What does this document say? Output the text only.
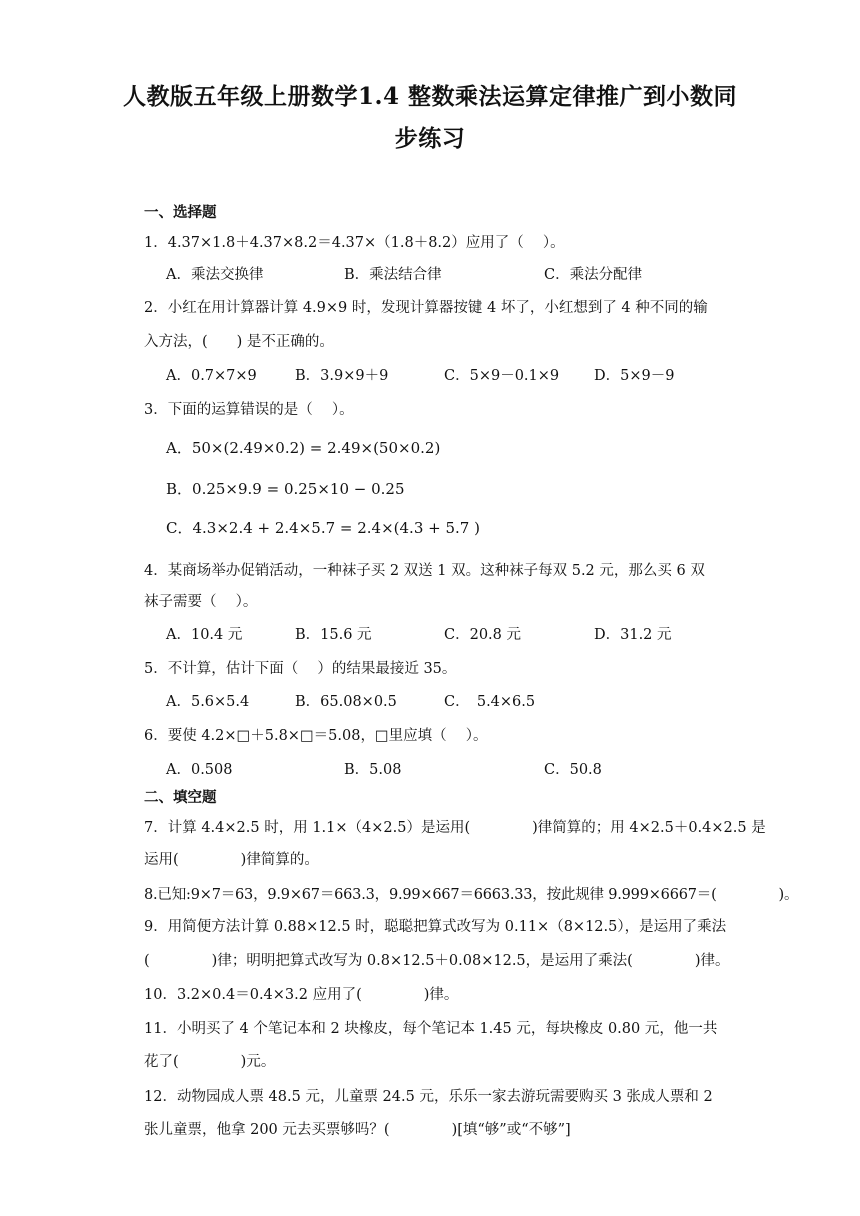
人教版五年级上册数学1.4 整数乘法运算定律推广到小数同
步练习
一、选择题
1．4.37×1.8＋4.37×8.2＝4.37×（1.8＋8.2）应用了（　 ）。
A．乘法交换律	B．乘法结合律	C．乘法分配律
2．小红在用计算器计算 4.9×9 时，发现计算器按键 4 坏了，小红想到了 4 种不同的输
入方法，(　　) 是不正确的。
A．0.7×7×9	B．3.9×9＋9	C．5×9－0.1×9 D．5×9－9
3．下面的运算错误的是（　 ）。
A．50×(2.49×0.2) = 2.49×(50×0.2)
B．0.25×9.9 = 0.25×10 − 0.25
C．4.3×2.4 + 2.4×5.7 = 2.4×(4.3 + 5.7 )
4．某商场举办促销活动，一种袜子买 2 双送 1 双。这种袜子每双 5.2 元，那么买 6 双
袜子需要（　 ）。
A．10.4 元	B．15.6 元	C．20.8 元	D．31.2 元
5．不计算，估计下面（　 ）的结果最接近 35。
A．5.6×5.4	B．65.08×0.5	C．　5.4×6.5
6．要使 4.2×□＋5.8×□＝5.08，□里应填（　 ）。
A．0.508	B．5.08	C．50.8
二、填空题
7．计算 4.4×2.5 时，用 1.1×（4×2.5）是运用(	)律简算的；用 4×2.5＋0.4×2.5 是
运用(	)律简算的。
8.已知:9×7＝63，9.9×67＝663.3，9.99×667＝6663.33，按此规律 9.999×6667＝(	)。
9．用简便方法计算 0.88×12.5 时，聪聪把算式改写为 0.11×（8×12.5），是运用了乘法
(	)律；明明把算式改写为 0.8×12.5＋0.08×12.5，是运用了乘法(	)律。
10．3.2×0.4＝0.4×3.2 应用了(	)律。
11．小明买了 4 个笔记本和 2 块橡皮，每个笔记本 1.45 元，每块橡皮 0.80 元，他一共
花了(	)元。
12．动物园成人票 48.5 元，儿童票 24.5 元，乐乐一家去游玩需要购买 3 张成人票和 2
张儿童票，他拿 200 元去买票够吗？(	)[填“够”或“不够”]
